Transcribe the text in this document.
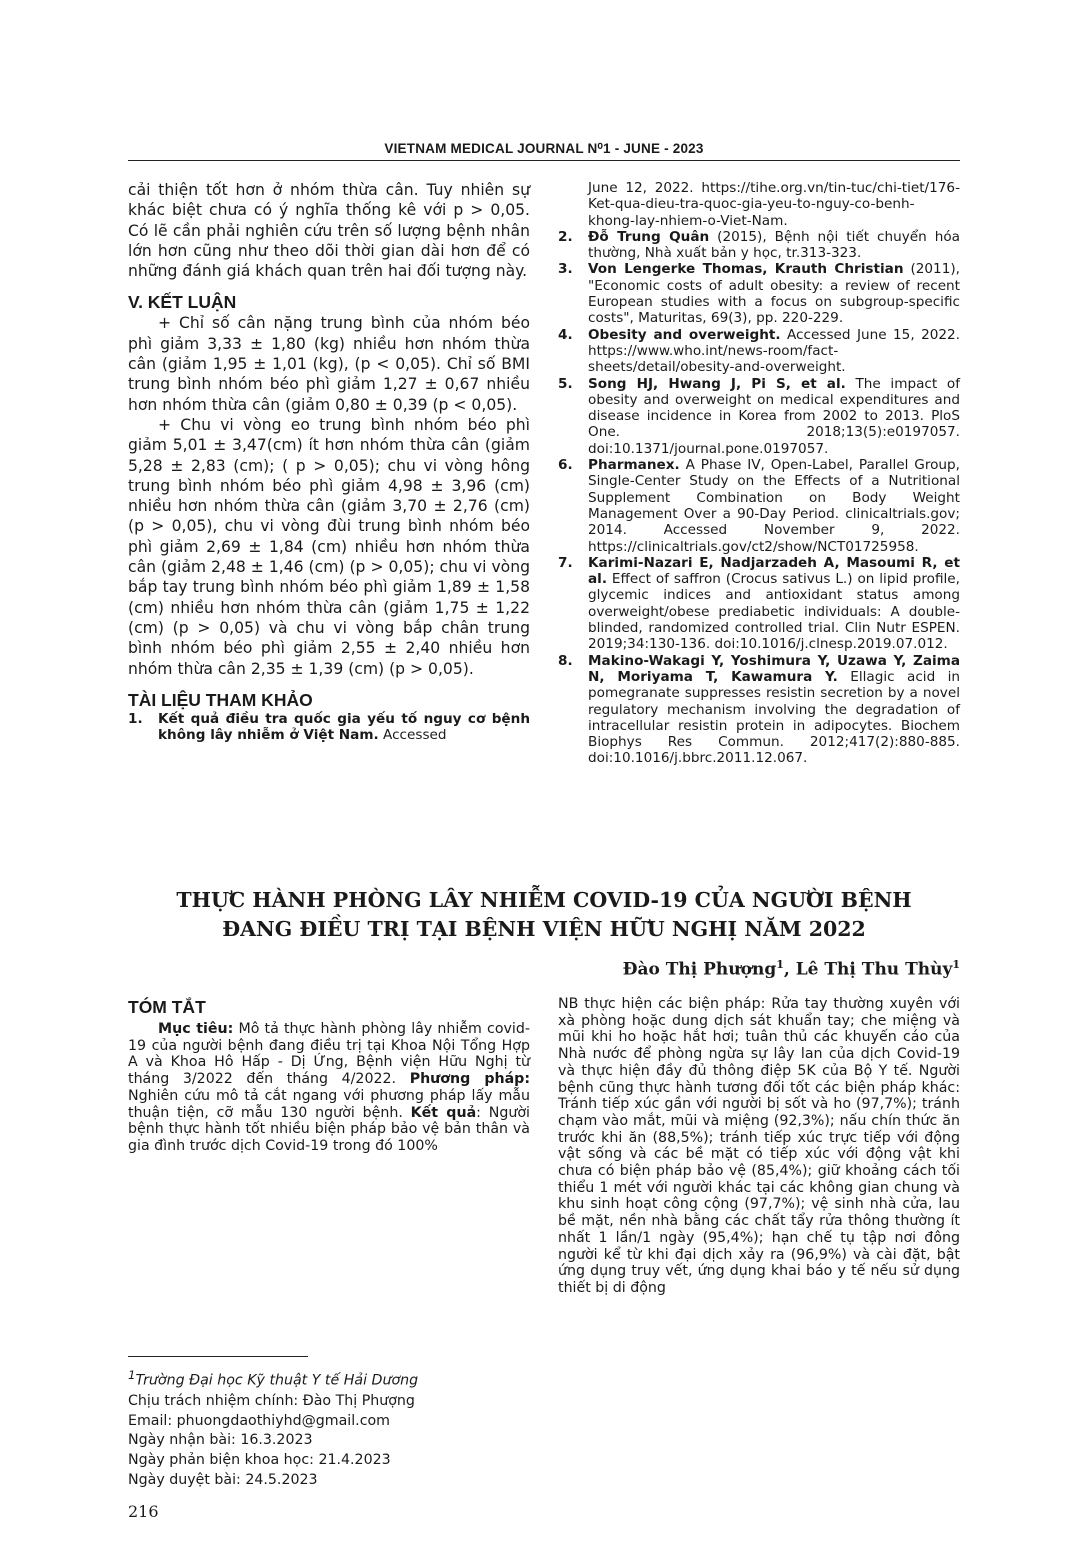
VIETNAM MEDICAL JOURNAL N⁰1 - JUNE - 2023

cải thiện tốt hơn ở nhóm thừa cân. Tuy nhiên sự khác biệt chưa có ý nghĩa thống kê với p > 0,05. Có lẽ cần phải nghiên cứu trên số lượng bệnh nhân lớn hơn cũng như theo dõi thời gian dài hơn để có những đánh giá khách quan trên hai đối tượng này.

V. KẾT LUẬN

+ Chỉ số cân nặng trung bình của nhóm béo phì giảm 3,33 ± 1,80 (kg) nhiều hơn nhóm thừa cân (giảm 1,95 ± 1,01 (kg), (p < 0,05). Chỉ số BMI trung bình nhóm béo phì giảm 1,27 ± 0,67 nhiều hơn nhóm thừa cân (giảm 0,80 ± 0,39 (p < 0,05).

+ Chu vi vòng eo trung bình nhóm béo phì giảm 5,01 ± 3,47(cm) ít hơn nhóm thừa cân (giảm 5,28 ± 2,83 (cm); ( p > 0,05); chu vi vòng hông trung bình nhóm béo phì giảm 4,98 ± 3,96 (cm) nhiều hơn nhóm thừa cân (giảm 3,70 ± 2,76 (cm) (p > 0,05), chu vi vòng đùi trung bình nhóm béo phì giảm 2,69 ± 1,84 (cm) nhiều hơn nhóm thừa cân (giảm 2,48 ± 1,46 (cm) (p > 0,05); chu vi vòng bắp tay trung bình nhóm béo phì giảm 1,89 ± 1,58 (cm) nhiều hơn nhóm thừa cân (giảm 1,75 ± 1,22 (cm) (p > 0,05) và chu vi vòng bắp chân trung bình nhóm béo phì giảm 2,55 ± 2,40 nhiều hơn nhóm thừa cân 2,35 ± 1,39 (cm) (p > 0,05).

TÀI LIỆU THAM KHẢO
1.	Kết quả điều tra quốc gia yếu tố nguy cơ bệnh không lây nhiễm ở Việt Nam. Accessed
June 12, 2022. https://tihe.org.vn/tin-tuc/chi-tiet/176-Ket-qua-dieu-tra-quoc-gia-yeu-to-nguy-co-benh-khong-lay-nhiem-o-Viet-Nam.
2.	Đỗ Trung Quân (2015), Bệnh nội tiết chuyển hóa thường, Nhà xuất bản y học, tr.313-323.
3.	Von Lengerke Thomas, Krauth Christian (2011), "Economic costs of adult obesity: a review of recent European studies with a focus on subgroup-specific costs", Maturitas, 69(3), pp. 220-229.
4.	Obesity and overweight. Accessed June 15, 2022. https://www.who.int/news-room/fact-sheets/detail/obesity-and-overweight.
5.	Song HJ, Hwang J, Pi S, et al. The impact of obesity and overweight on medical expenditures and disease incidence in Korea from 2002 to 2013. PloS One. 2018;13(5):e0197057. doi:10.1371/journal.pone.0197057.
6.	Pharmanex. A Phase IV, Open-Label, Parallel Group, Single-Center Study on the Effects of a Nutritional Supplement Combination on Body Weight Management Over a 90-Day Period. clinicaltrials.gov; 2014. Accessed November 9, 2022. https://clinicaltrials.gov/ct2/show/NCT01725958.
7.	Karimi-Nazari E, Nadjarzadeh A, Masoumi R, et al. Effect of saffron (Crocus sativus L.) on lipid profile, glycemic indices and antioxidant status among overweight/obese prediabetic individuals: A double-blinded, randomized controlled trial. Clin Nutr ESPEN. 2019;34:130-136. doi:10.1016/j.clnesp.2019.07.012.
8.	Makino-Wakagi Y, Yoshimura Y, Uzawa Y, Zaima N, Moriyama T, Kawamura Y. Ellagic acid in pomegranate suppresses resistin secretion by a novel regulatory mechanism involving the degradation of intracellular resistin protein in adipocytes. Biochem Biophys Res Commun. 2012;417(2):880-885. doi:10.1016/j.bbrc.2011.12.067.
THỰC HÀNH PHÒNG LÂY NHIỄM COVID-19 CỦA NGƯỜI BỆNH
ĐANG ĐIỀU TRỊ TẠI BỆNH VIỆN HỮU NGHỊ NĂM 2022
Đào Thị Phượng$^1$, Lê Thị Thu Thùy$^1$
TÓM TẮT

Mục tiêu: Mô tả thực hành phòng lây nhiễm covid-19 của người bệnh đang điều trị tại Khoa Nội Tổng Hợp A và Khoa Hô Hấp - Dị Ứng, Bệnh viện Hữu Nghị từ tháng 3/2022 đến tháng 4/2022. Phương pháp: Nghiên cứu mô tả cắt ngang với phương pháp lấy mẫu thuận tiện, cỡ mẫu 130 người bệnh. Kết quả: Người bệnh thực hành tốt nhiều biện pháp bảo vệ bản thân và gia đình trước dịch Covid-19 trong đó 100%

NB thực hiện các biện pháp: Rửa tay thường xuyên với xà phòng hoặc dung dịch sát khuẩn tay; che miệng và mũi khi ho hoặc hắt hơi; tuân thủ các khuyến cáo của Nhà nước để phòng ngừa sự lây lan của dịch Covid-19 và thực hiện đầy đủ thông điệp 5K của Bộ Y tế. Người bệnh cũng thực hành tương đối tốt các biện pháp khác: Tránh tiếp xúc gần với người bị sốt và ho (97,7%); tránh chạm vào mắt, mũi và miệng (92,3%); nấu chín thức ăn trước khi ăn (88,5%); tránh tiếp xúc trực tiếp với động vật sống và các bề mặt có tiếp xúc với động vật khi chưa có biện pháp bảo vệ (85,4%); giữ khoảng cách tối thiểu 1 mét với người khác tại các không gian chung và khu sinh hoạt công cộng (97,7%); vệ sinh nhà cửa, lau bề mặt, nền nhà bằng các chất tẩy rửa thông thường ít nhất 1 lần/1 ngày (95,4%); hạn chế tụ tập nơi đông người kể từ khi đại dịch xảy ra (96,9%) và cài đặt, bật ứng dụng truy vết, ứng dụng khai báo y tế nếu sử dụng thiết bị di động

$^1$Trường Đại học Kỹ thuật Y tế Hải Dương
Chịu trách nhiệm chính: Đào Thị Phượng
Email: phuongdaothiyhd@gmail.com
Ngày nhận bài: 16.3.2023
Ngày phản biện khoa học: 21.4.2023
Ngày duyệt bài: 24.5.2023
216
